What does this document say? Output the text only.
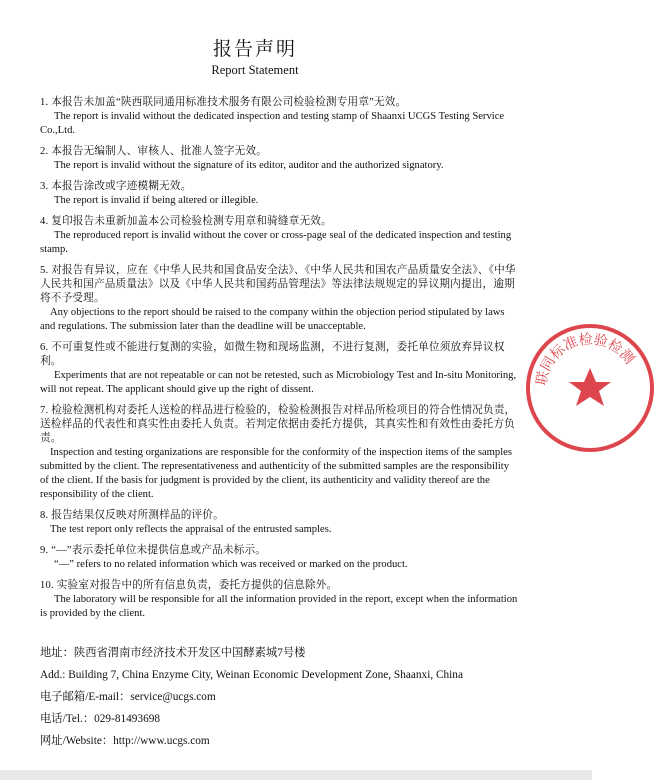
报告声明
Report Statement
1. 本报告未加盖“陕西联同通用标准技术服务有限公司检验检测专用章”无效。
The report is invalid without the dedicated inspection and testing stamp of Shaanxi UCGS Testing Service Co.,Ltd.
2. 本报告无编制人、审核人、批准人签字无效。
The report is invalid without the signature of its editor, auditor and the authorized signatory.
3. 本报告涂改或字迹模糊无效。
The report is invalid if being altered or illegible.
4. 复印报告未重新加盖本公司检验检测专用章和骑缝章无效。
The reproduced report is invalid without the cover or cross-page seal of the dedicated inspection and testing stamp.
5. 对报告有异议，应在《中华人民共和国食品安全法》、《中华人民共和国农产品质量安全法》、《中华人民共和国产品质量法》以及《中华人民共和国药品管理法》等法律法规规定的异议期内提出，逾期将不予受理。
Any objections to the report should be raised to the company within the objection period stipulated by laws and regulations. The submission later than the deadline will be unacceptable.
6. 不可重复性或不能进行复测的实验，如微生物和现场监测，不进行复测，委托单位须放弃异议权利。
Experiments that are not repeatable or can not be retested, such as Microbiology Test and In-situ Monitoring, will not repeat. The applicant should give up the right of dissent.
7. 检验检测机构对委托人送检的样品进行检验的，检验检测报告对样品所检项目的符合性情况负责，送检样品的代表性和真实性由委托人负责。若判定依据由委托方提供，其真实性和有效性由委托方负责。
Inspection and testing organizations are responsible for the conformity of the inspection items of the samples submitted by the client. The representativeness and authenticity of the submitted samples are the responsibility of the client. If the basis for judgment is provided by the client, its authenticity and validity thereof are the responsibility of the client.
8. 报告结果仅反映对所测样品的评价。
The test report only reflects the appraisal of the entrusted samples.
9. “—”表示委托单位未提供信息或产品未标示。
“—” refers to no related information which was received or marked on the product.
10. 实验室对报告中的所有信息负责，委托方提供的信息除外。
The laboratory will be responsible for all the information provided in the report, except when the information is provided by the client.
地址：陕西省渭南市经济技术开发区中国酵素城7号楼
Add.: Building 7, China Enzyme City, Weinan Economic Development Zone, Shaanxi, China
电子邮箱/E-mail：service@ucgs.com
电话/Tel.：029-81493698
网址/Website：http://www.ucgs.com
联同标准检验检测
